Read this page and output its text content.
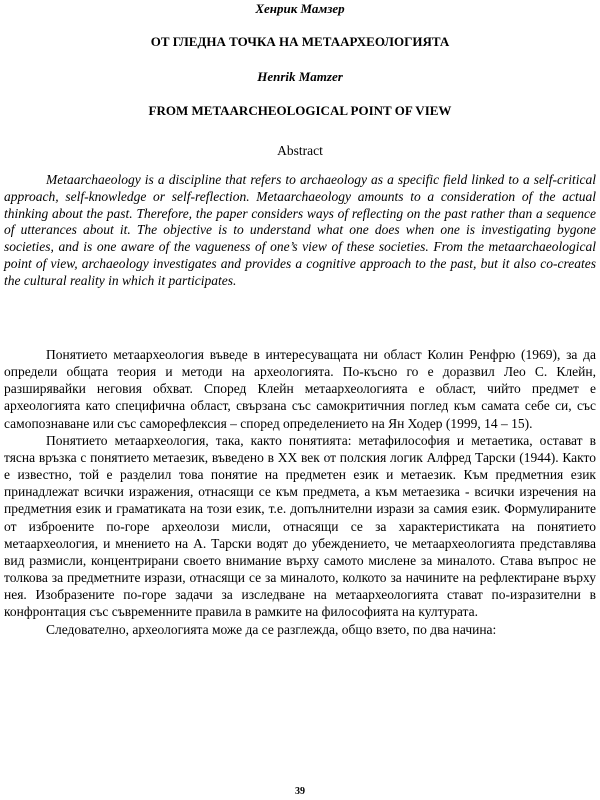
Хенрик Мамзер
ОТ ГЛЕДНА ТОЧКА НА МЕТААРХЕОЛОГИЯТА
Henrik Mamzer
FROM METAARCHEOLOGICAL POINT OF VIEW
Abstract

Metaarchaeology is a discipline that refers to archaeology as a specific field linked to a self-critical approach, self-knowledge or self-reflection. Metaarchaeology amounts to a consideration of the actual thinking about the past. Therefore, the paper considers ways of reflecting on the past rather than a sequence of utterances about it. The objective is to understand what one does when one is investigating bygone societies, and is one aware of the vagueness of one’s view of these societies. From the metaarchaeological point of view, archaeology investigates and provides a cognitive approach to the past, but it also co-creates the cultural reality in which it participates.

Понятието метаархеология въведе в интересуващата ни област Колин Ренфрю (1969), за да определи общата теория и методи на археологията. По-късно го е доразвил Лео С. Клейн, разширявайки неговия обхват. Според Клейн метаархеологията е област, чийто предмет е археологията като специфична област, свързана със самокритичния поглед към самата себе си, със самопознаване или със саморефлексия – според определението на Ян Ходер (1999, 14 – 15).

Понятието метаархеология, така, както понятията: метафилософия и метаетика, остават в тясна връзка с понятието метаезик, въведено в XX век от полския логик Алфред Тарски (1944). Както е известно, той е разделил това понятие на предметен език и метаезик. Към предметния език принадлежат всички изражения, отнасящи се към предмета, а към метаезика - всички изречения на предметния език и граматиката на този език, т.е. допълнителни изрази за самия език. Формулираните от изброените по-горе археолози мисли, отнасящи се за характеристиката на понятието метаархеология, и мнението на А. Тарски водят до убеждението, че метаархеологията представлява вид размисли, концентрирани своето внимание върху самото мислене за миналото. Става въпрос не толкова за предметните изрази, отнасящи се за миналото, колкото за начините на рефлектиране върху нея. Изобразените по-горе задачи за изследване на метаархеологията стават по-изразителни в конфронтация със съвременните правила в рамките на философията на културата.

Следователно, археологията може да се разглежда, общо взето, по два начина:

39
